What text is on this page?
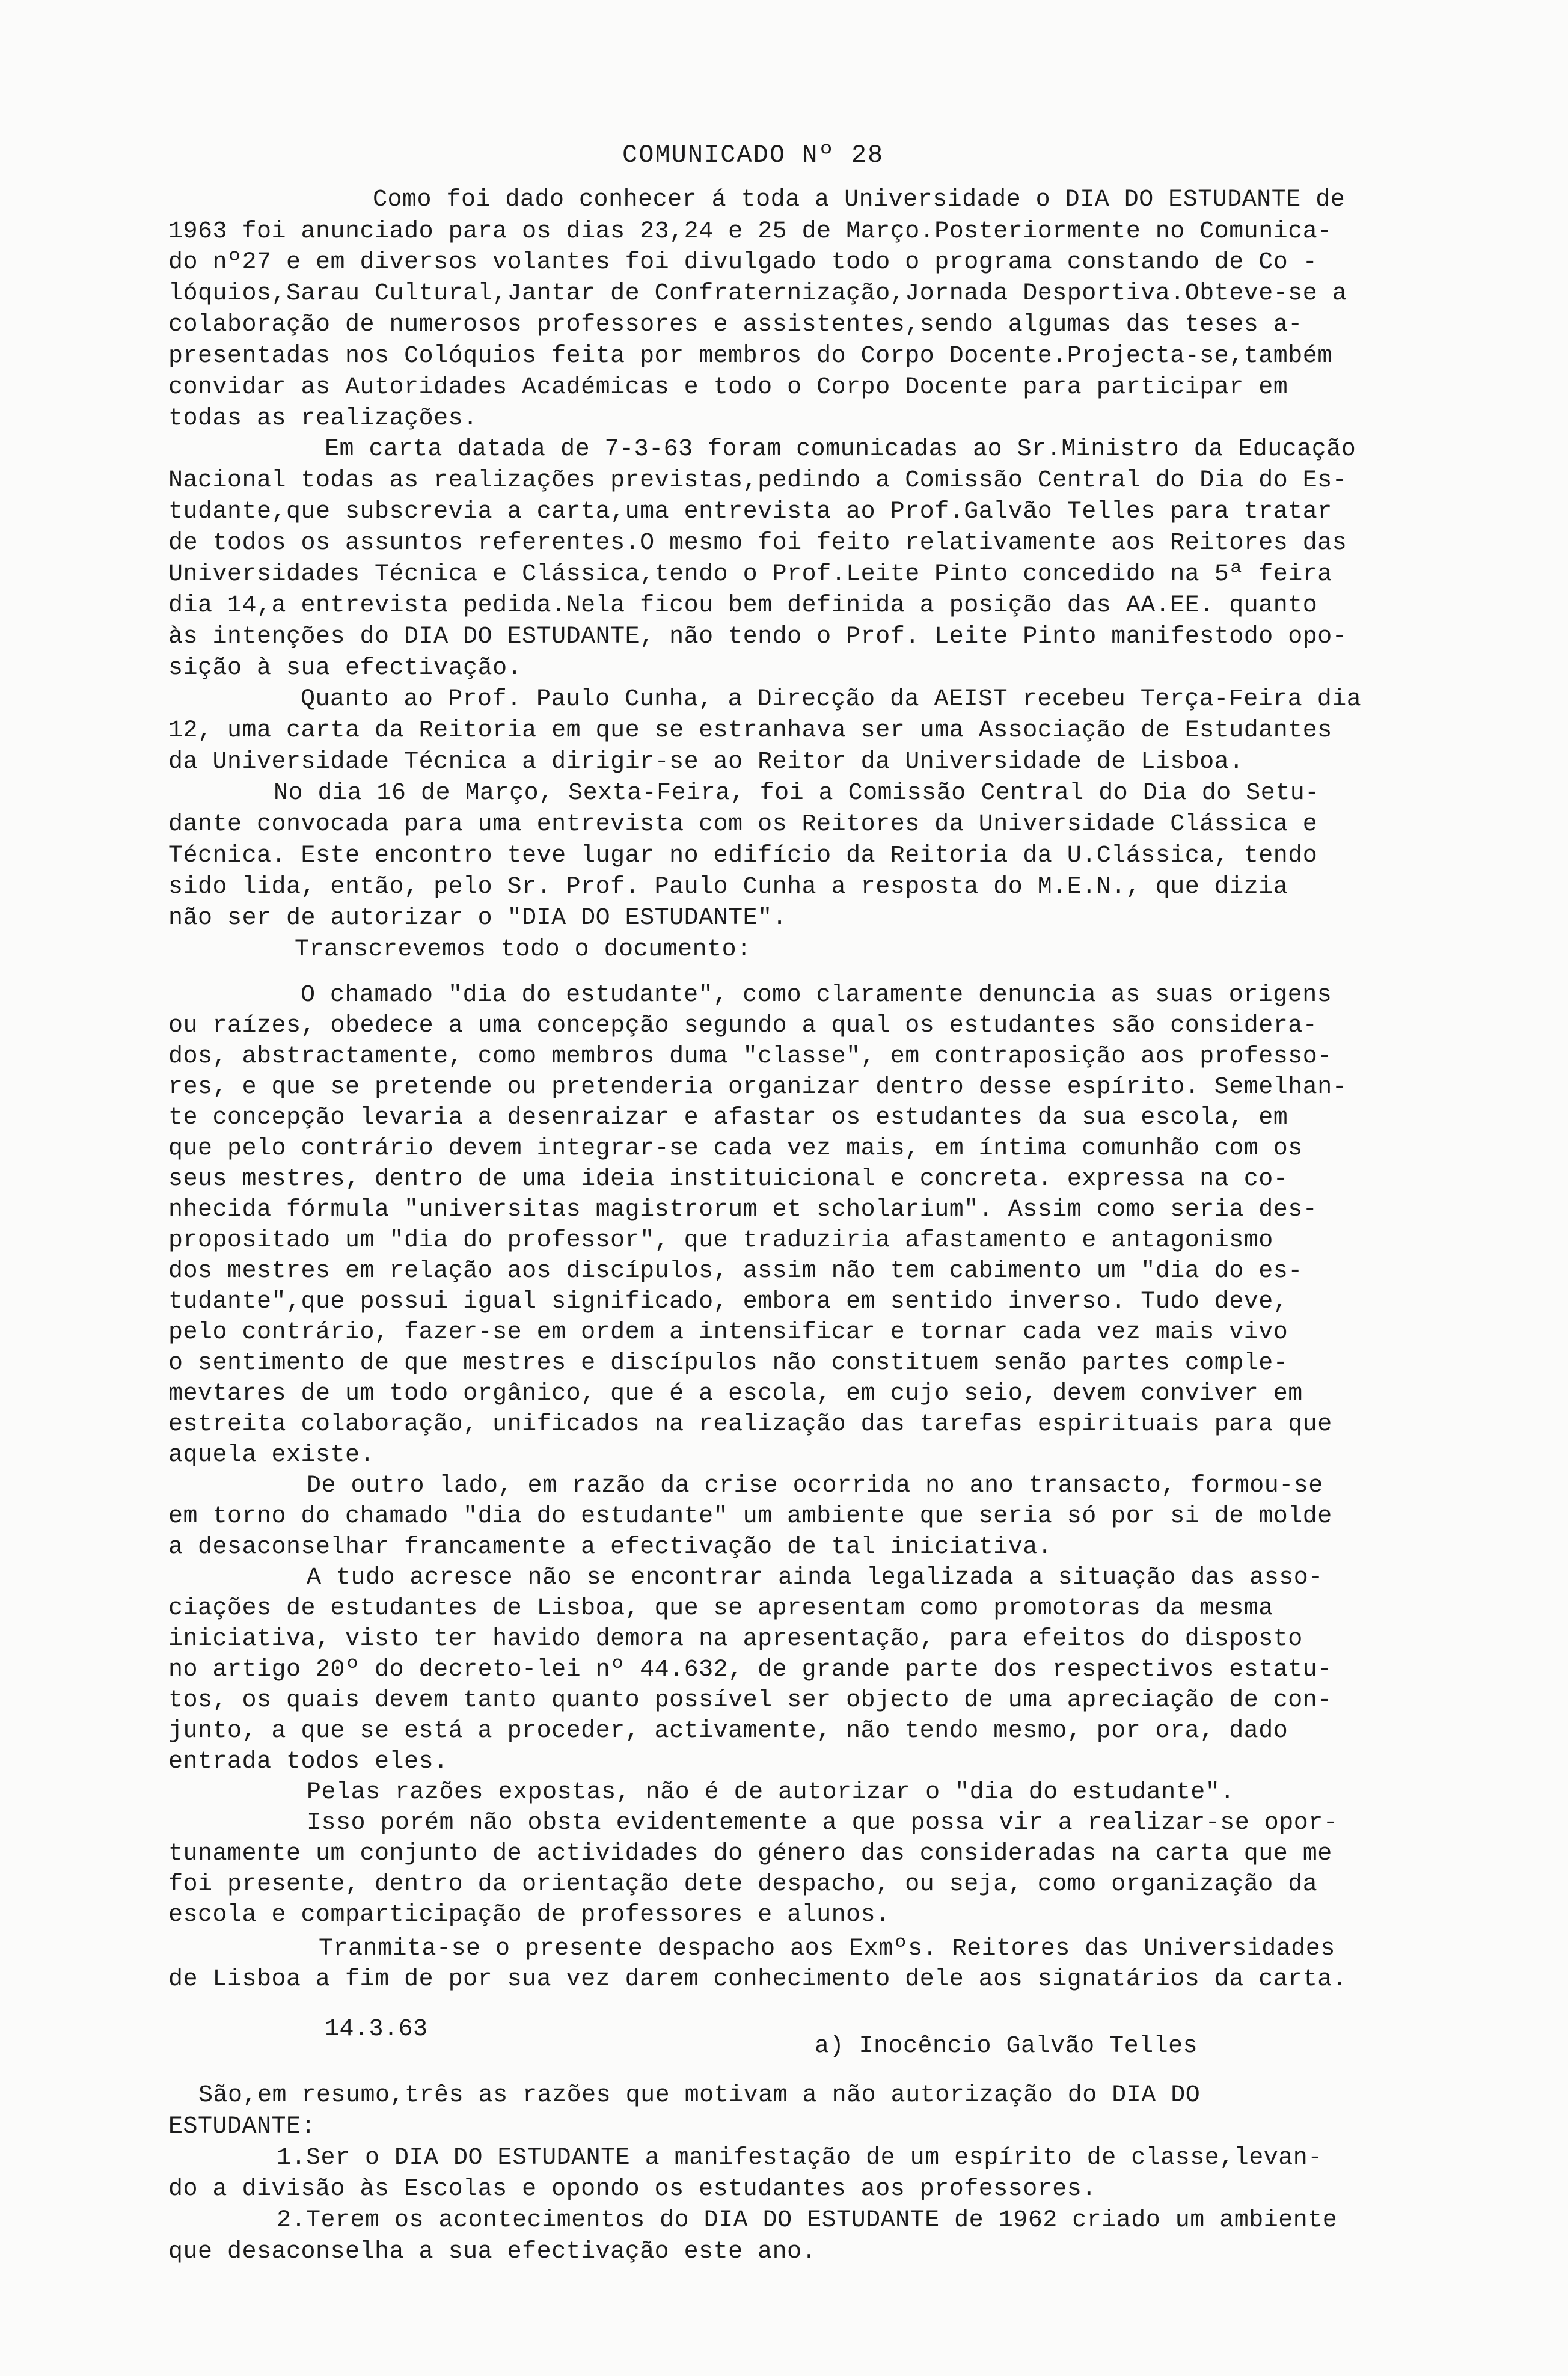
COMUNICADO Nº 28
Como foi dado conhecer á toda a Universidade o DIA DO ESTUDANTE de
1963 foi anunciado para os dias 23,24 e 25 de Março.Posteriormente no Comunica-
do nº27 e em diversos volantes foi divulgado todo o programa constando de Co -
lóquios,Sarau Cultural,Jantar de Confraternização,Jornada Desportiva.Obteve-se a
colaboração de numerosos professores e assistentes,sendo algumas das teses a-
presentadas nos Colóquios feita por membros do Corpo Docente.Projecta-se,também
convidar as Autoridades Académicas e todo o Corpo Docente para participar em
todas as realizações.
Em carta datada de 7-3-63 foram comunicadas ao Sr.Ministro da Educação
Nacional todas as realizações previstas,pedindo a Comissão Central do Dia do Es-
tudante,que subscrevia a carta,uma entrevista ao Prof.Galvão Telles para tratar
de todos os assuntos referentes.O mesmo foi feito relativamente aos Reitores das
Universidades Técnica e Clássica,tendo o Prof.Leite Pinto concedido na 5ª feira
dia 14,a entrevista pedida.Nela ficou bem definida a posição das AA.EE. quanto
às intenções do DIA DO ESTUDANTE, não tendo o Prof. Leite Pinto manifestodo opo-
sição à sua efectivação.
Quanto ao Prof. Paulo Cunha, a Direcção da AEIST recebeu Terça-Feira dia
12, uma carta da Reitoria em que se estranhava ser uma Associação de Estudantes
da Universidade Técnica a dirigir-se ao Reitor da Universidade de Lisboa.
No dia 16 de Março, Sexta-Feira, foi a Comissão Central do Dia do Setu-
dante convocada para uma entrevista com os Reitores da Universidade Clássica e
Técnica. Este encontro teve lugar no edifício da Reitoria da U.Clássica, tendo
sido lida, então, pelo Sr. Prof. Paulo Cunha a resposta do M.E.N., que dizia
não ser de autorizar o "DIA DO ESTUDANTE".
Transcrevemos todo o documento:
O chamado "dia do estudante", como claramente denuncia as suas origens
ou raízes, obedece a uma concepção segundo a qual os estudantes são considera-
dos, abstractamente, como membros duma "classe", em contraposição aos professo-
res, e que se pretende ou pretenderia organizar dentro desse espírito. Semelhan-
te concepção levaria a desenraizar e afastar os estudantes da sua escola, em
que pelo contrário devem integrar-se cada vez mais, em íntima comunhão com os
seus mestres, dentro de uma ideia instituicional e concreta. expressa na co-
nhecida fórmula "universitas magistrorum et scholarium". Assim como seria des-
propositado um "dia do professor", que traduziria afastamento e antagonismo
dos mestres em relação aos discípulos, assim não tem cabimento um "dia do es-
tudante",que possui igual significado, embora em sentido inverso. Tudo deve,
pelo contrário, fazer-se em ordem a intensificar e tornar cada vez mais vivo
o sentimento de que mestres e discípulos não constituem senão partes comple-
mevtares de um todo orgânico, que é a escola, em cujo seio, devem conviver em
estreita colaboração, unificados na realização das tarefas espirituais para que
aquela existe.
De outro lado, em razão da crise ocorrida no ano transacto, formou-se
em torno do chamado "dia do estudante" um ambiente que seria só por si de molde
a desaconselhar francamente a efectivação de tal iniciativa.
A tudo acresce não se encontrar ainda legalizada a situação das asso-
ciações de estudantes de Lisboa, que se apresentam como promotoras da mesma
iniciativa, visto ter havido demora na apresentação, para efeitos do disposto
no artigo 20º do decreto-lei nº 44.632, de grande parte dos respectivos estatu-
tos, os quais devem tanto quanto possível ser objecto de uma apreciação de con-
junto, a que se está a proceder, activamente, não tendo mesmo, por ora, dado
entrada todos eles.
Pelas razões expostas, não é de autorizar o "dia do estudante".
Isso porém não obsta evidentemente a que possa vir a realizar-se opor-
tunamente um conjunto de actividades do género das consideradas na carta que me
foi presente, dentro da orientação dete despacho, ou seja, como organização da
escola e comparticipação de professores e alunos.
Tranmita-se o presente despacho aos Exmºs. Reitores das Universidades
de Lisboa a fim de por sua vez darem conhecimento dele aos signatários da carta.
14.3.63
a) Inocêncio Galvão Telles
São,em resumo,três as razões que motivam a não autorização do DIA DO
ESTUDANTE:
1.Ser o DIA DO ESTUDANTE a manifestação de um espírito de classe,levan-
do a divisão às Escolas e opondo os estudantes aos professores.
2.Terem os acontecimentos do DIA DO ESTUDANTE de 1962 criado um ambiente
que desaconselha a sua efectivação este ano.
